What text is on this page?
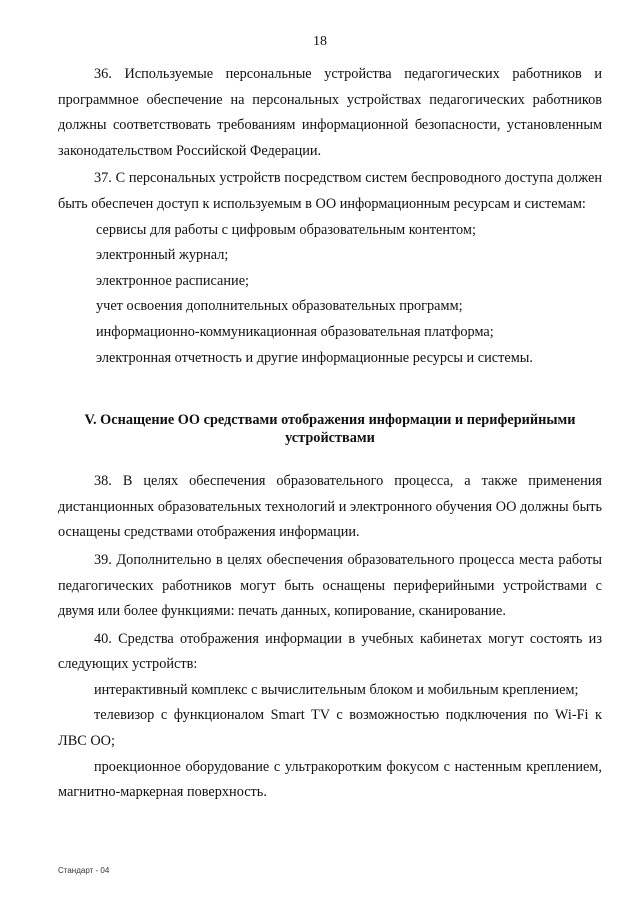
18

36. Используемые персональные устройства педагогических работников и программное обеспечение на персональных устройствах педагогических работников должны соответствовать требованиям информационной безопасности, установленным законодательством Российской Федерации.

37. С персональных устройств посредством систем беспроводного доступа должен быть обеспечен доступ к используемым в ОО информационным ресурсам и системам:

сервисы для работы с цифровым образовательным контентом;

электронный журнал;

электронное расписание;

учет освоения дополнительных образовательных программ;

информационно-коммуникационная образовательная платформа;

электронная отчетность и другие информационные ресурсы и системы.

V. Оснащение ОО средствами отображения информации и периферийными устройствами

38. В целях обеспечения образовательного процесса, а также применения дистанционных образовательных технологий и электронного обучения ОО должны быть оснащены средствами отображения информации.

39. Дополнительно в целях обеспечения образовательного процесса места работы педагогических работников могут быть оснащены периферийными устройствами с двумя или более функциями: печать данных, копирование, сканирование.

40. Средства отображения информации в учебных кабинетах могут состоять из следующих устройств:

интерактивный комплекс с вычислительным блоком и мобильным креплением;

телевизор с функционалом Smart TV с возможностью подключения по Wi-Fi к ЛВС ОО;

проекционное оборудование с ультракоротким фокусом с настенным креплением, магнитно-маркерная поверхность.

Стандарт - 04
